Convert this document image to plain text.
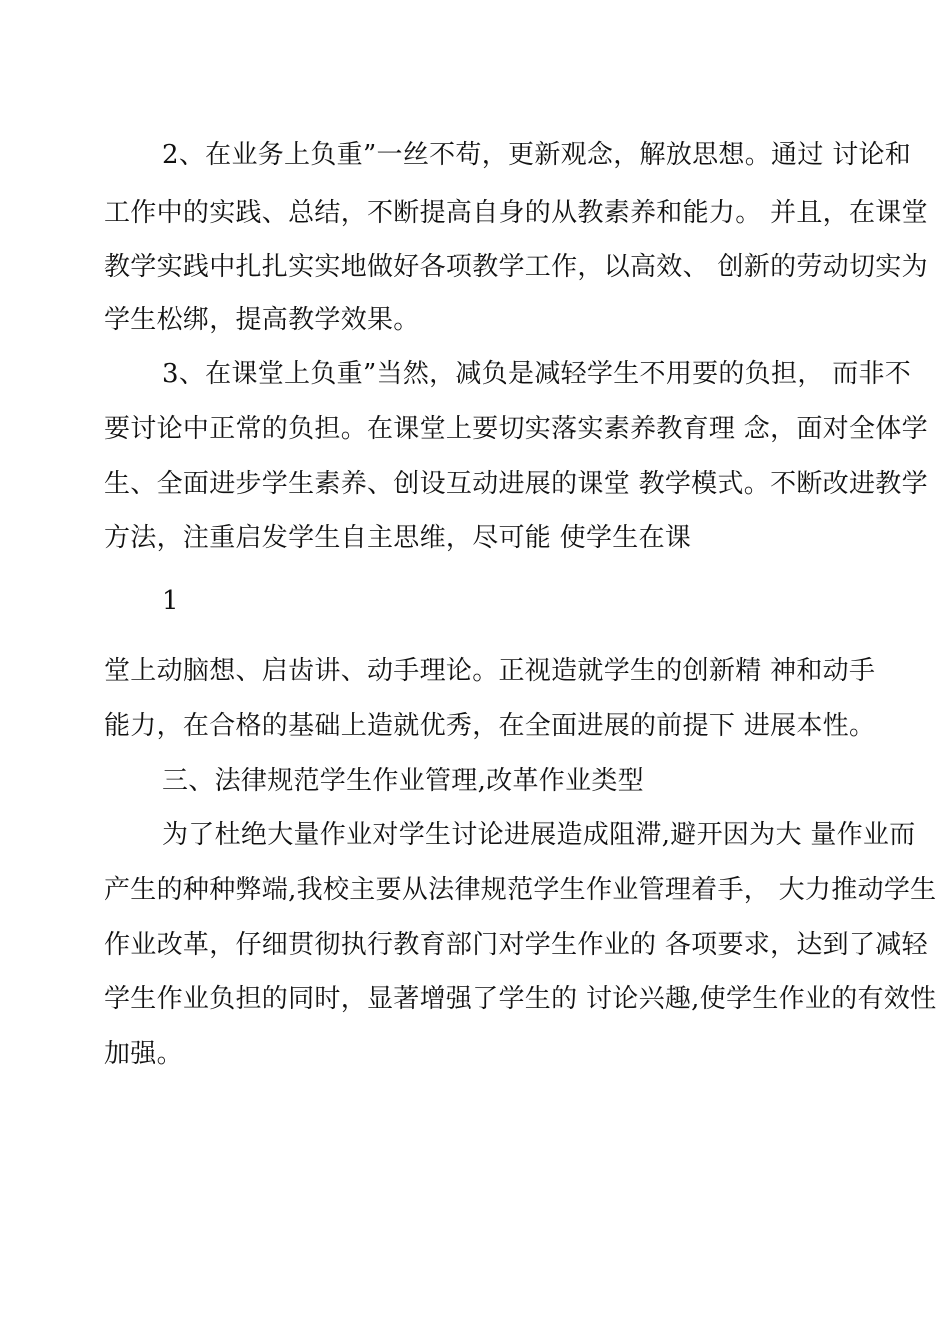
2、在业务上负重”一丝不苟，更新观念，解放思想。通过 讨论和
工作中的实践、总结，不断提高自身的从教素养和能力。 并且，在课堂
教学实践中扎扎实实地做好各项教学工作，以高效、 创新的劳动切实为
学生松绑，提高教学效果。
3、在课堂上负重”当然，减负是减轻学生不用要的负担， 而非不
要讨论中正常的负担。在课堂上要切实落实素养教育理 念，面对全体学
生、全面进步学生素养、创设互动进展的课堂 教学模式。不断改进教学
方法，注重启发学生自主思维，尽可能 使学生在课
1
堂上动脑想、启齿讲、动手理论。正视造就学生的创新精 神和动手
能力，在合格的基础上造就优秀，在全面进展的前提下 进展本性。
三、法律规范学生作业管理,改革作业类型
为了杜绝大量作业对学生讨论进展造成阻滞,避开因为大 量作业而
产生的种种弊端,我校主要从法律规范学生作业管理着手， 大力推动学生
作业改革，仔细贯彻执行教育部门对学生作业的 各项要求，达到了减轻
学生作业负担的同时，显著增强了学生的 讨论兴趣,使学生作业的有效性
加强。
